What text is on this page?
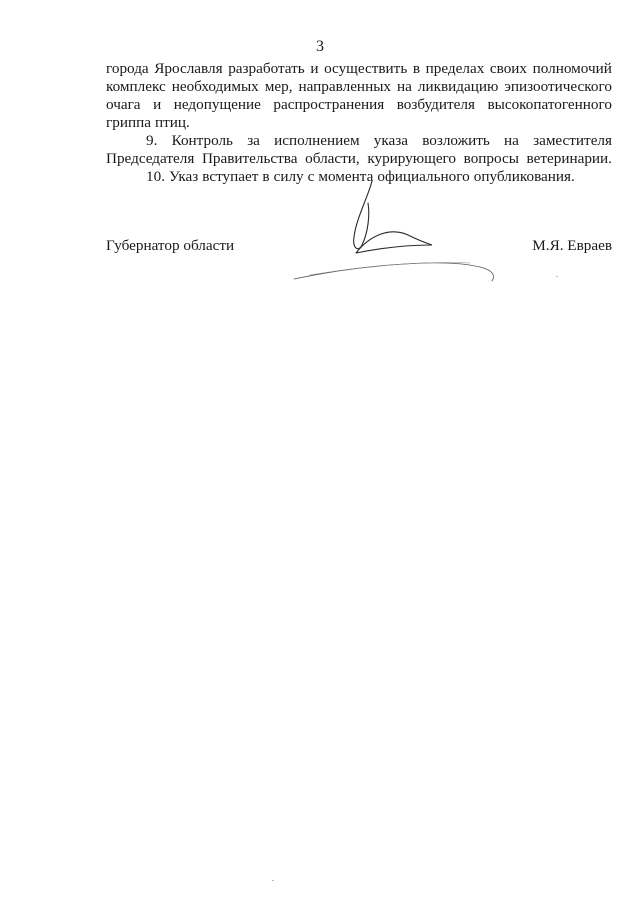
3
города Ярославля разработать и осуществить в пределах своих полномочий
комплекс необходимых мер, направленных на ликвидацию эпизоотического
очага и недопущение распространения возбудителя высокопатогенного
гриппа птиц.
9. Контроль за исполнением указа возложить на заместителя
Председателя Правительства области, курирующего вопросы ветеринарии.
10. Указ вступает в силу с момента официального опубликования.
Губернатор области	М.Я. Евраев
